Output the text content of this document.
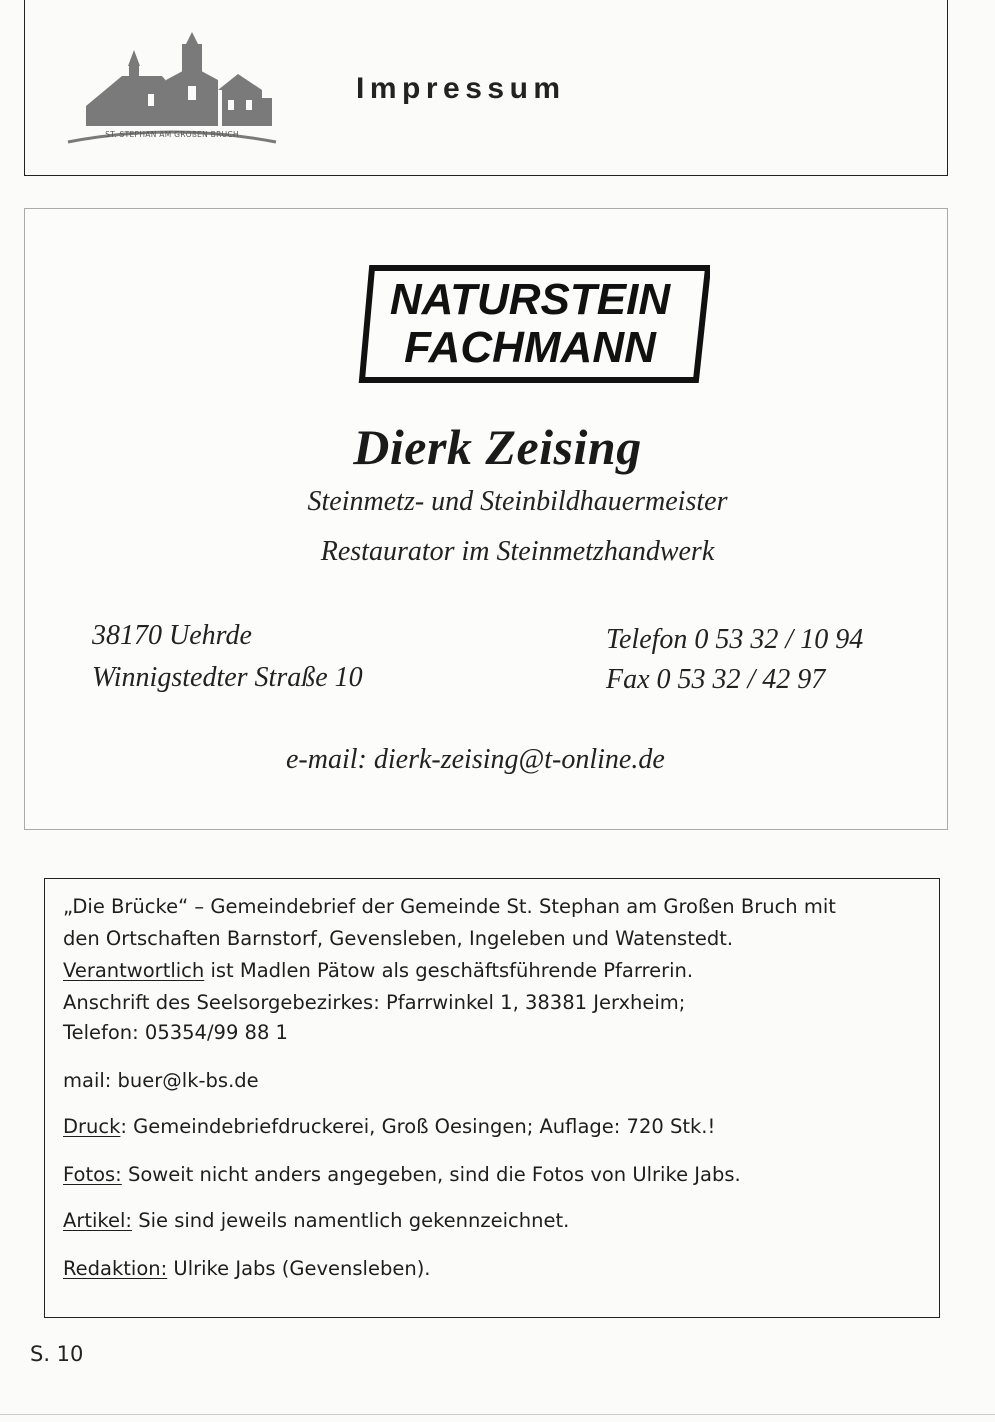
ST. STEPHAN AM GROßEN BRUCH
Impressum
NATURSTEIN
FACHMANN
Dierk Zeising
Steinmetz- und Steinbildhauermeister
Restaurator im Steinmetzhandwerk
38170 Uehrde
Winnigstedter Straße 10
Telefon 0 53 32 / 10 94
Fax 0 53 32 / 42 97
e-mail: dierk-zeising@t-online.de
„Die Brücke“ – Gemeindebrief der Gemeinde St. Stephan am Großen Bruch mit
den Ortschaften Barnstorf, Gevensleben, Ingeleben und Watenstedt.
Verantwortlich ist Madlen Pätow als geschäftsführende Pfarrerin.
Anschrift des Seelsorgebezirkes: Pfarrwinkel 1, 38381 Jerxheim;
Telefon: 05354/99 88 1
mail: buer@lk-bs.de
Druck: Gemeindebriefdruckerei, Groß Oesingen; Auflage: 720 Stk.!
Fotos: Soweit nicht anders angegeben, sind die Fotos von Ulrike Jabs.
Artikel: Sie sind jeweils namentlich gekennzeichnet.
Redaktion: Ulrike Jabs (Gevensleben).
S. 10
